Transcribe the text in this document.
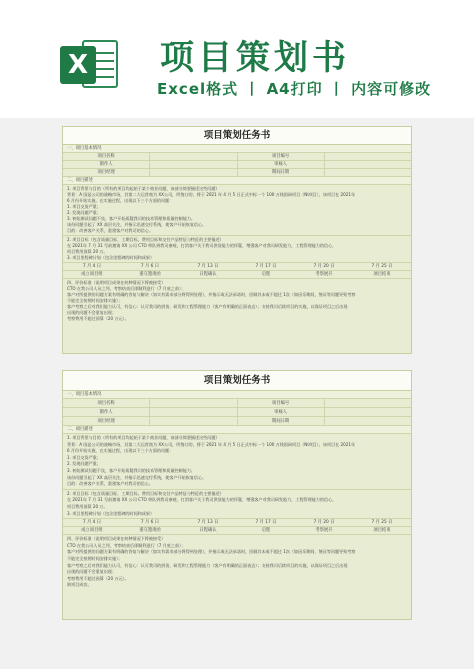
X 项目策划书
Excel格式 丨 A4打印 丨 内容可修改
项目策划任务书
一、项目基本情况
项目名称	项目编号
制作人	审核人
项目经理	期间日期
二、项目描述

1. 项目背景与目的（所有的项目均起始于某个商业问题，该部分简要描述这些问题）

背景：A 国是公司的战略市场，其第二大运营商为 XX公司，所签订的，将于 2021 年 4 月 5 日正式中标一个 100 万线固网项目（NI项目），该项目在 2021年

6 月份开始实施，在实施过程，出现以下三个方面的问题：

1. 项目交货严重；

2. 发现问题严重；

3. 初始测试问题不良，客户开始质疑我司的技术管理和质量控制能力。

该份问题引起了 XX 高层关注，并指示迅速交付系统，使客户开始恢复信心。

目的：改善客户关系，重建客户对我司的信心。

2. 项目目标（包含质量目标，工期目标，费用目标和交付产品特征与特征的主要描述）

在 2021年 7 月 31 号前邀请 XX 公司 CTO 带队到我司参观，打消客户关于我司供货能力的怀疑，增强客户对我司研发能力，工程管理能力的信心，

项目费用预算 20 万。

3. 项目里程碑计划（包含里程碑的时间和成果）

7 月 4 日	7 月 6 日	7 月 13 日	7 月 17 日	7 月 20 日	7 月 25 日
成立项目组	递交邀请函	日程确认	启程	考察展开	项目结束

四、评价标准（说明项目成果在何种情况下将被接受）

CTO 在我公司人员之列，考察结束后即顺利进行（7 月底之前）；

客户对所提供的问题方案有明确的答复与解决（如实有需求部分将得到处理），并指示或无法承诺时，回顾其未或不超过 1次（如因乐期间，签证等问题导致考察

不能完全按照时间安排实施）；

客户考察之后对我们能力认可，有信心：认可我司的供货、研发和工程管理能力（客户有明确的正面表态）；支持我司后续项目的实施，以保证项目之后出现

出现的问题不会重复出现；

考察费用不超过预算（20 万元）。

项目策划任务书
一、项目基本情况
项目名称	项目编号
制作人	审核人
项目经理	期间日期
二、项目描述

1. 项目背景与目的（所有的项目均起始于某个商业问题，该部分简要描述这些问题）

背景：A 国是公司的战略市场，其第二大运营商为 XX公司，所签订的，将于 2021 年 4 月 5 日正式中标一个 100 万线固网项目（NI项目），该项目在 2021年

6 月份开始实施，在实施过程，出现以下三个方面的问题：

1. 项目交货严重；

2. 发现问题严重；

3. 初始测试问题不良，客户开始质疑我司的技术管理和质量控制能力。

该份问题引起了 XX 高层关注，并指示迅速交付系统，使客户开始恢复信心。

目的：改善客户关系，重建客户对我司的信心。

2. 项目目标（包含质量目标，工期目标，费用目标和交付产品特征与特征的主要描述）

在 2021年 7 月 31 号前邀请 XX 公司 CTO 带队到我司参观，打消客户关于我司供货能力的怀疑，增强客户对我司研发能力，工程管理能力的信心，

项目费用预算 20 万。

3. 项目里程碑计划（包含里程碑的时间和成果）

7 月 4 日	7 月 6 日	7 月 13 日	7 月 17 日	7 月 20 日	7 月 25 日
成立项目组	递交邀请函	日程确认	启程	考察展开	项目结束

四、评价标准（说明项目成果在何种情况下将被接受）

CTO 在我公司人员之列，考察结束后即顺利进行（7 月底之前）；

客户对所提供的问题方案有明确的答复与解决（如实有需求部分将得到处理），并指示或无法承诺时，回顾其未或不超过 1次（如因乐期间，签证等问题导致考察

不能完全按照时间安排实施）；

客户考察之后对我们能力认可，有信心：认可我司的供货、研发和工程管理能力（客户有明确的正面表态）；支持我司后续项目的实施，以保证项目之后出现

出现的问题不会重复出现；

考察费用不超过预算（20 万元）。

则项目成功。
